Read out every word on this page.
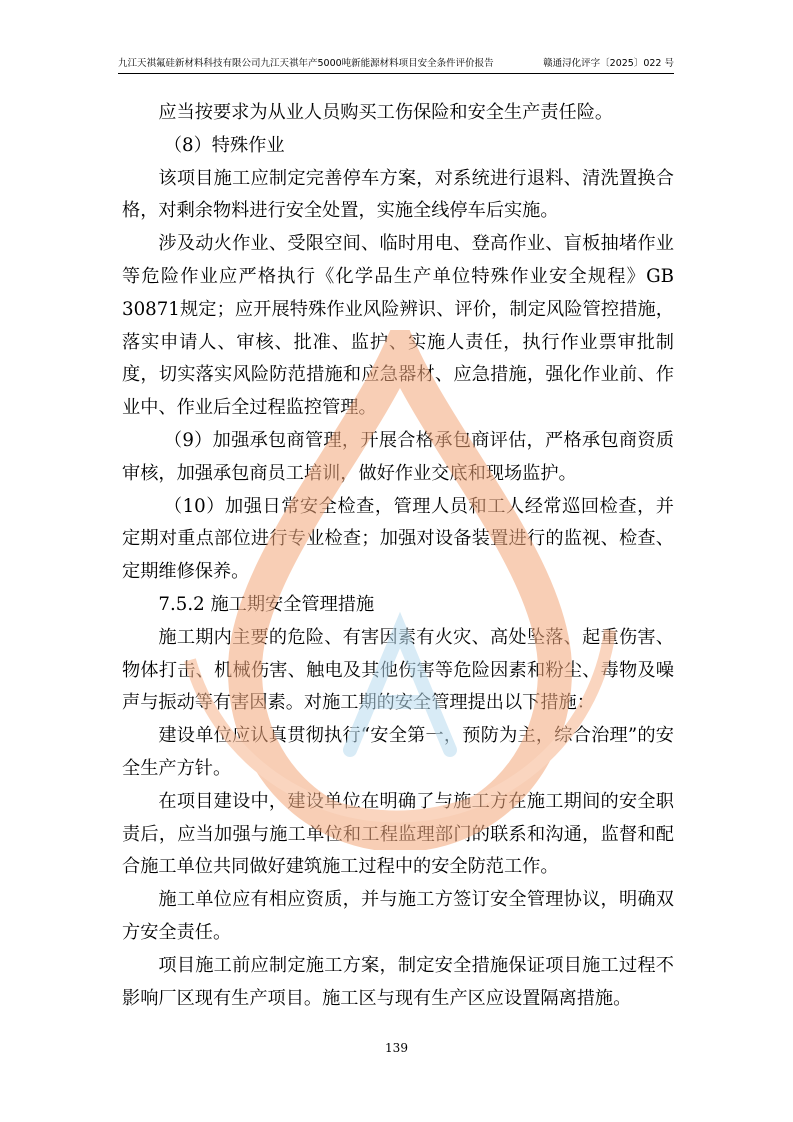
九江天祺氟硅新材料科技有限公司九江天祺年产5000吨新能源材料项目安全条件评价报告	赣通浔化评字〔2025〕022 号

应当按要求为从业人员购买工伤保险和安全生产责任险。

（8）特殊作业

该项目施工应制定完善停车方案，对系统进行退料、清洗置换合格，对剩余物料进行安全处置，实施全线停车后实施。

涉及动火作业、受限空间、临时用电、登高作业、盲板抽堵作业等危险作业应严格执行《化学品生产单位特殊作业安全规程》GB 30871规定；应开展特殊作业风险辨识、评价，制定风险管控措施，落实申请人、审核、批准、监护、实施人责任，执行作业票审批制度，切实落实风险防范措施和应急器材、应急措施，强化作业前、作业中、作业后全过程监控管理。

（9）加强承包商管理，开展合格承包商评估，严格承包商资质审核，加强承包商员工培训，做好作业交底和现场监护。

（10）加强日常安全检查，管理人员和工人经常巡回检查，并定期对重点部位进行专业检查；加强对设备装置进行的监视、检查、定期维修保养。

7.5.2 施工期安全管理措施

施工期内主要的危险、有害因素有火灾、高处坠落、起重伤害、物体打击、机械伤害、触电及其他伤害等危险因素和粉尘、毒物及噪声与振动等有害因素。对施工期的安全管理提出以下措施：

建设单位应认真贯彻执行“安全第一，预防为主，综合治理”的安全生产方针。

在项目建设中，建设单位在明确了与施工方在施工期间的安全职责后，应当加强与施工单位和工程监理部门的联系和沟通，监督和配合施工单位共同做好建筑施工过程中的安全防范工作。

施工单位应有相应资质，并与施工方签订安全管理协议，明确双方安全责任。

项目施工前应制定施工方案，制定安全措施保证项目施工过程不影响厂区现有生产项目。施工区与现有生产区应设置隔离措施。

139
